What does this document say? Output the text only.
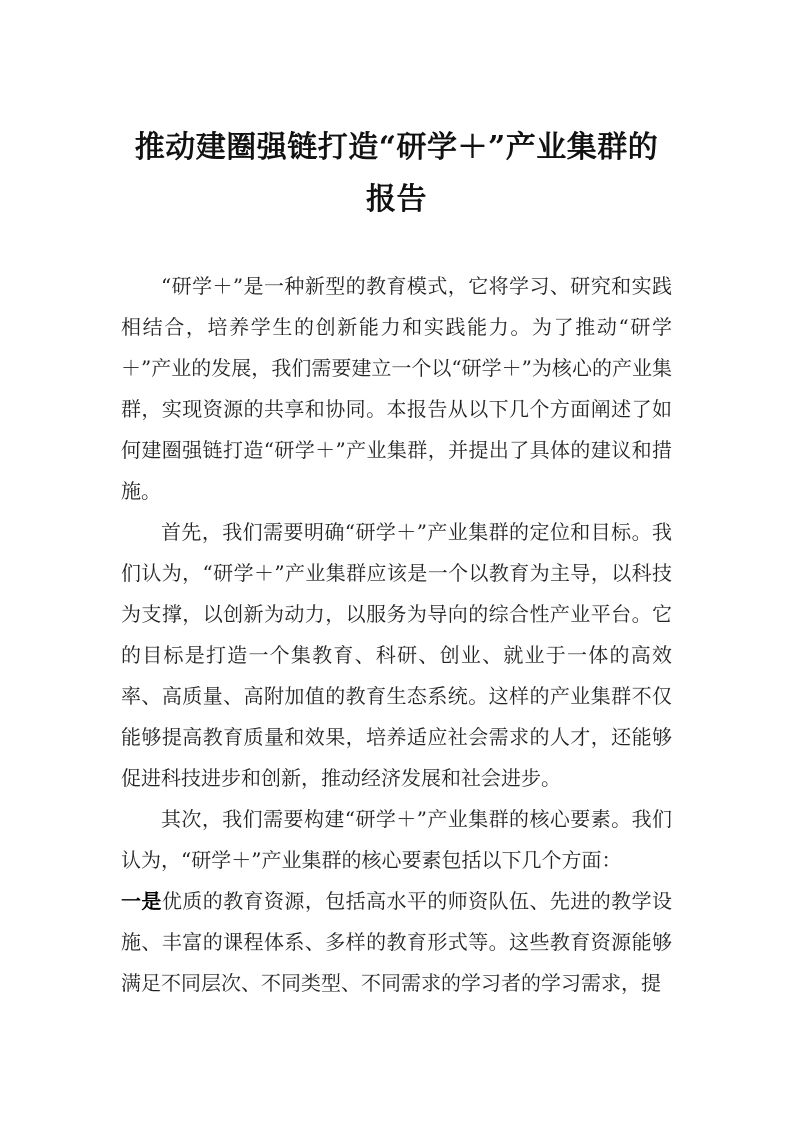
推动建圈强链打造“研学＋”产业集群的报告

“研学＋”是一种新型的教育模式，它将学习、研究和实践相结合，培养学生的创新能力和实践能力。为了推动“研学＋”产业的发展，我们需要建立一个以“研学＋”为核心的产业集群，实现资源的共享和协同。本报告从以下几个方面阐述了如何建圈强链打造“研学＋”产业集群，并提出了具体的建议和措施。

首先，我们需要明确“研学＋”产业集群的定位和目标。我们认为，“研学＋”产业集群应该是一个以教育为主导，以科技为支撑，以创新为动力，以服务为导向的综合性产业平台。它的目标是打造一个集教育、科研、创业、就业于一体的高效率、高质量、高附加值的教育生态系统。这样的产业集群不仅能够提高教育质量和效果，培养适应社会需求的人才，还能够促进科技进步和创新，推动经济发展和社会进步。

其次，我们需要构建“研学＋”产业集群的核心要素。我们认为，“研学＋”产业集群的核心要素包括以下几个方面：

一是优质的教育资源，包括高水平的师资队伍、先进的教学设施、丰富的课程体系、多样的教育形式等。这些教育资源能够满足不同层次、不同类型、不同需求的学习者的学习需求，提
